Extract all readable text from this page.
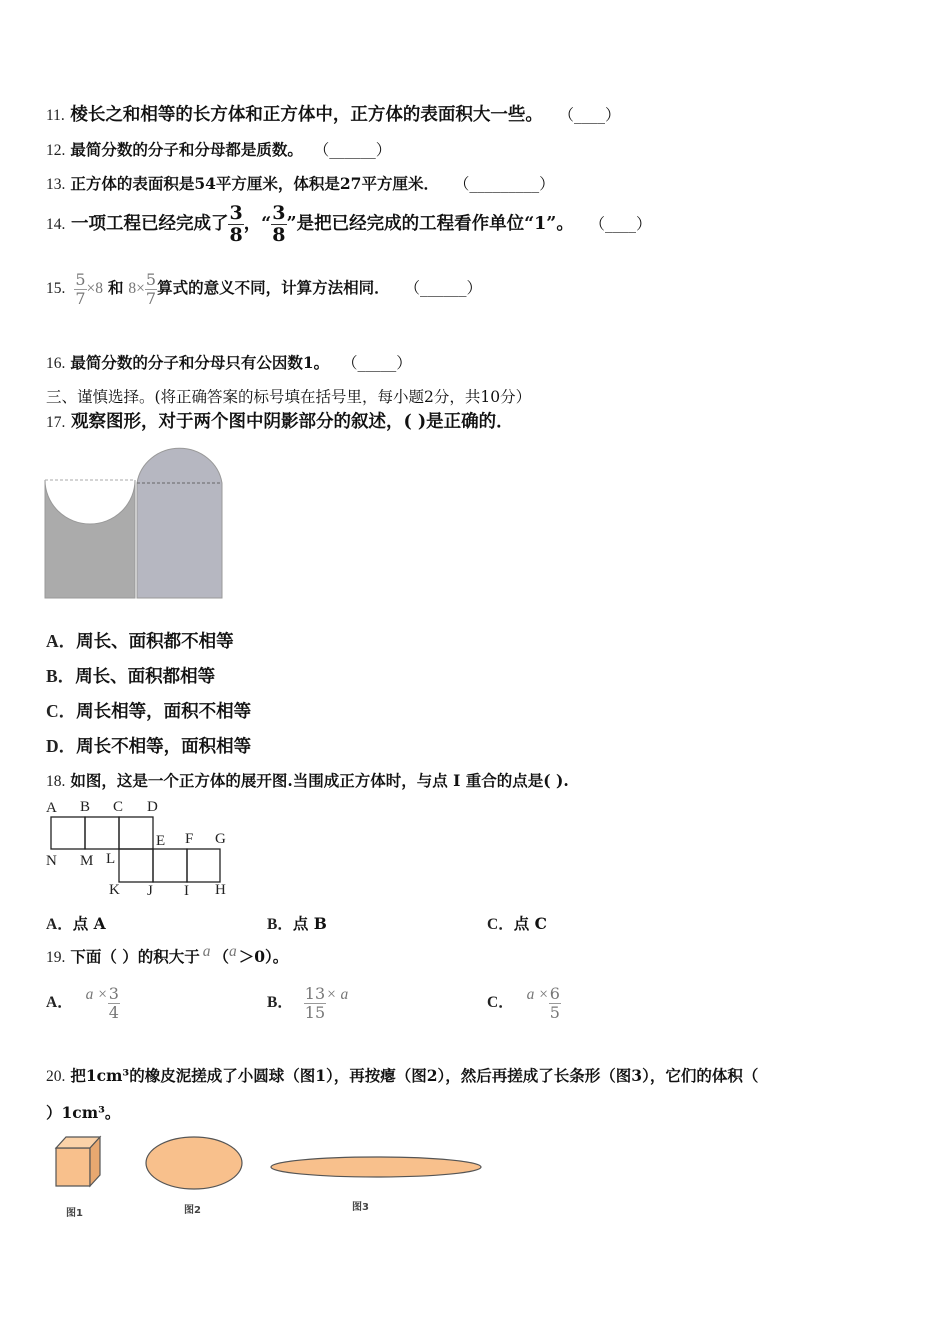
11. 棱长之和相等的长方体和正方体中，正方体的表面积大一些。 （____）
12. 最简分数的分子和分母都是质数。 （______）
13. 正方体的表面积是54平方厘米，体积是27平方厘米． （_________）
14. 一项工程已经完成了 $\frac{3}{8}$ ，“ $\frac{3}{8}$ ”是把已经完成的工程看作单位“1”。 （____）
15. $\frac{5}{7} \times 8$ 和 $8\times \frac{5}{7}$ 算式的意义不同，计算方法相同． （______）
16. 最简分数的分子和分母只有公因数1。 （_____）
三、谨慎选择。(将正确答案的标号填在括号里，每小题2分，共10分）
17. 观察图形，对于两个图中阴影部分的叙述，( )是正确的．
A．周长、面积都不相等
B．周长、面积都相等
C．周长相等，面积不相等
D．周长不相等，面积相等
18. 如图，这是一个正方体的展开图.当围成正方体时，与点 I 重合的点是( ).
A B C D
E F G
H
I
J
K
L
M
N
A．点 A	B．点 B	C．点 C
19. 下面（ ）的积大于 a （a ＞0）。
A． $a \times \frac{3}{4}$	B． $\frac{13}{15} \times a$	C． $a \times \frac{6}{5}$
20. 把1cm³的橡皮泥搓成了小圆球（图1），再按瘪（图2），然后再搓成了长条形（图3），它们的体积（
）1cm³。
图1	图2	图3
